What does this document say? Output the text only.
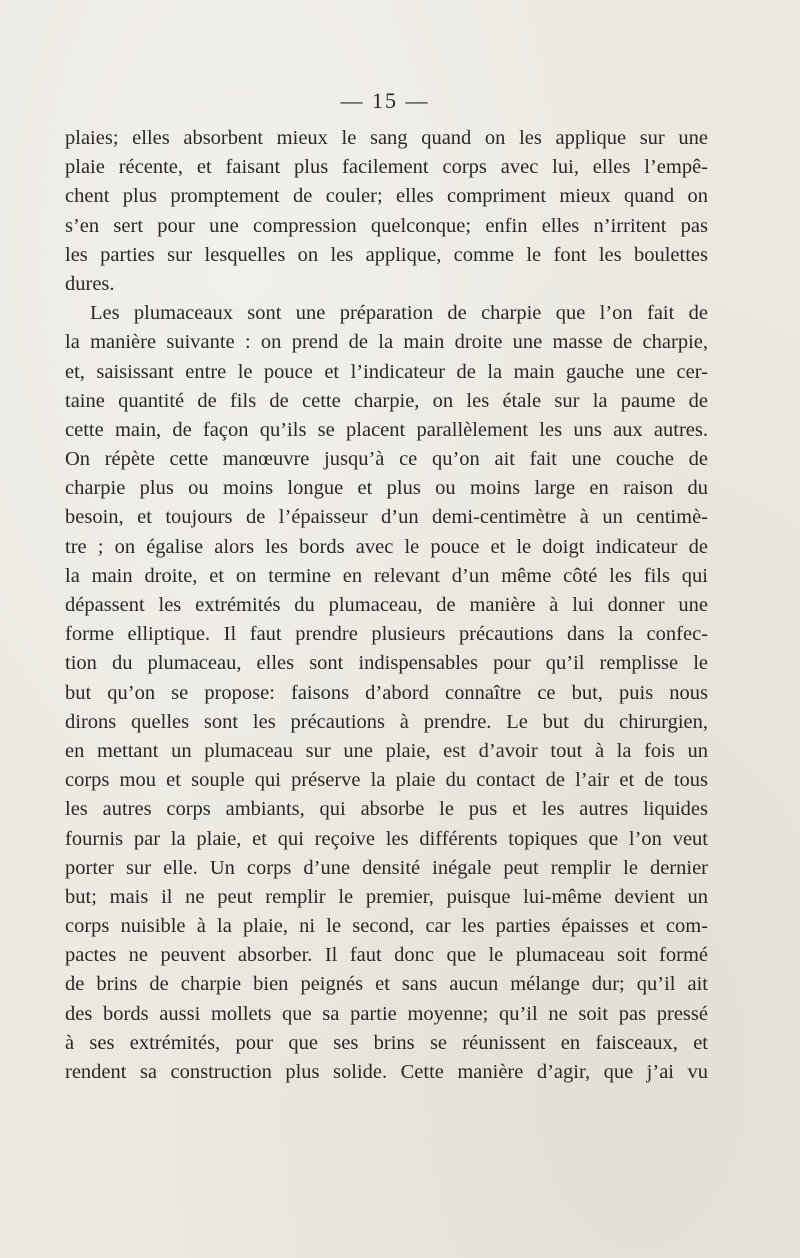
— 15 —
plaies; elles absorbent mieux le sang quand on les applique sur une
plaie récente, et faisant plus facilement corps avec lui, elles l’empê-
chent plus promptement de couler; elles compriment mieux quand on
s’en sert pour une compression quelconque; enfin elles n’irritent pas
les parties sur lesquelles on les applique, comme le font les boulettes
dures.
Les plumaceaux sont une préparation de charpie que l’on fait de
la manière suivante : on prend de la main droite une masse de charpie,
et, saisissant entre le pouce et l’indicateur de la main gauche une cer-
taine quantité de fils de cette charpie, on les étale sur la paume de
cette main, de façon qu’ils se placent parallèlement les uns aux autres.
On répète cette manœuvre jusqu’à ce qu’on ait fait une couche de
charpie plus ou moins longue et plus ou moins large en raison du
besoin, et toujours de l’épaisseur d’un demi-centimètre à un centimè-
tre ; on égalise alors les bords avec le pouce et le doigt indicateur de
la main droite, et on termine en relevant d’un même côté les fils qui
dépassent les extrémités du plumaceau, de manière à lui donner une
forme elliptique. Il faut prendre plusieurs précautions dans la confec-
tion du plumaceau, elles sont indispensables pour qu’il remplisse le
but qu’on se propose: faisons d’abord connaître ce but, puis nous
dirons quelles sont les précautions à prendre. Le but du chirurgien,
en mettant un plumaceau sur une plaie, est d’avoir tout à la fois un
corps mou et souple qui préserve la plaie du contact de l’air et de tous
les autres corps ambiants, qui absorbe le pus et les autres liquides
fournis par la plaie, et qui reçoive les différents topiques que l’on veut
porter sur elle. Un corps d’une densité inégale peut remplir le dernier
but; mais il ne peut remplir le premier, puisque lui-même devient un
corps nuisible à la plaie, ni le second, car les parties épaisses et com-
pactes ne peuvent absorber. Il faut donc que le plumaceau soit formé
de brins de charpie bien peignés et sans aucun mélange dur; qu’il ait
des bords aussi mollets que sa partie moyenne; qu’il ne soit pas pressé
à ses extrémités, pour que ses brins se réunissent en faisceaux, et
rendent sa construction plus solide. Cette manière d’agir, que j’ai vu
